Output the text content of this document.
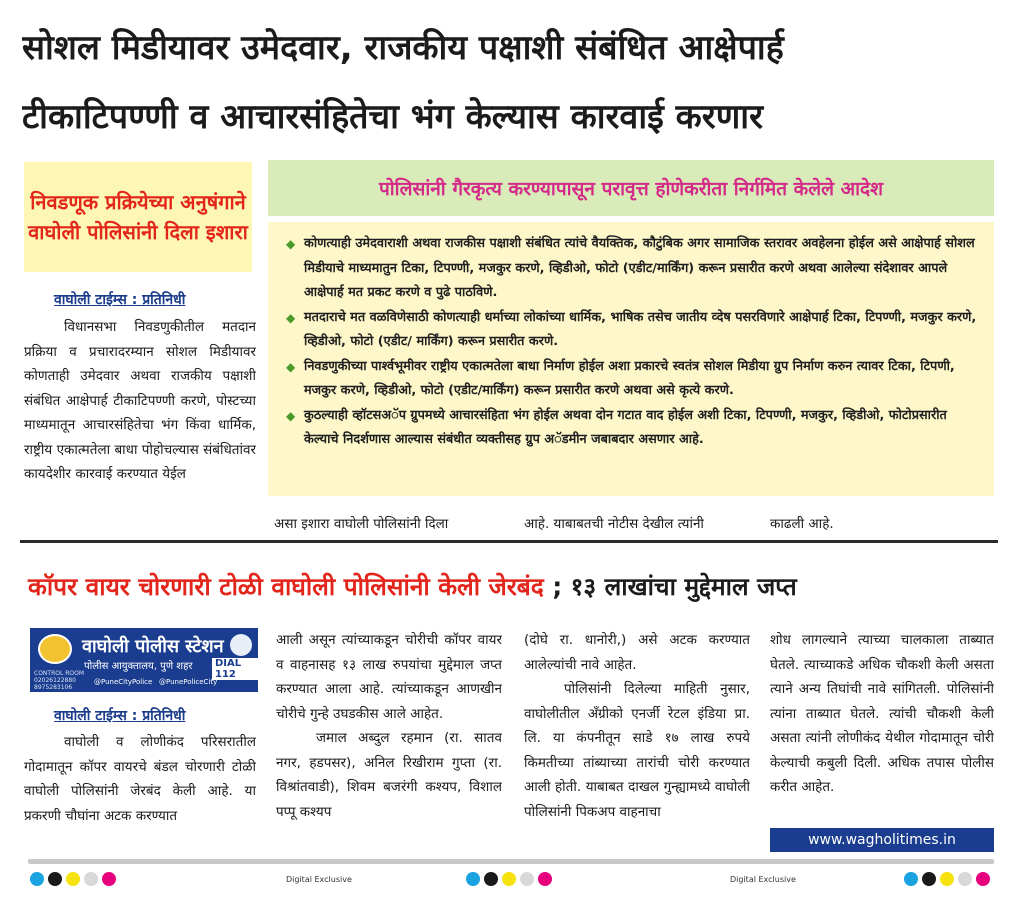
सोशल मिडीयावर उमेदवार, राजकीय पक्षाशी संबंधित आक्षेपार्ह
टीकाटिपण्णी व आचारसंहितेचा भंग केल्यास कारवाई करणार
निवडणूक प्रक्रियेच्या अनुषंगाने वाघोली पोलिसांनी दिला इशारा
वाघोली टाईम्स : प्रतिनिधी

विधानसभा निवडणुकीतील मतदान प्रक्रिया व प्रचारादरम्यान सोशल मिडीयावर कोणताही उमेदवार अथवा राजकीय पक्षाशी संबंधित आक्षेपार्ह टीकाटिपण्णी करणे, पोस्टच्या माध्यमातून आचारसंहितेचा भंग किंवा धार्मिक, राष्ट्रीय एकात्मतेला बाधा पोहोचल्यास संबंधितांवर कायदेशीर कारवाई करण्यात येईल

पोलिसांनी गैरकृत्य करण्यापासून परावृत्त होणेकरीता निर्गमित केलेले आदेश
◆ कोणत्याही उमेदवाराशी अथवा राजकीस पक्षाशी संबंधित त्यांचे वैयक्तिक, कौटुंबिक अगर सामाजिक स्तरावर अवहेलना होईल असे आक्षेपार्ह सोशल मिडीयाचे माध्यमातुन टिका, टिपण्णी, मजकुर करणे, व्हिडीओ, फोटो (एडीट/मार्किंग) करून प्रसारीत करणे अथवा आलेल्या संदेशावर आपले आक्षेपार्ह मत प्रकट करणे व पुढे पाठविणे.
◆ मतदाराचे मत वळविणेसाठी कोणत्याही धर्माच्या लोकांच्या धार्मिक, भाषिक तसेच जातीय व्देष पसरविणारे आक्षेपार्ह टिका, टिपण्णी, मजकुर करणे, व्हिडीओ, फोटो (एडीट/ मार्किंग) करून प्रसारीत करणे.
◆ निवडणुकीच्या पार्श्वभूमीवर राष्ट्रीय एकात्मतेला बाधा निर्माण होईल अशा प्रकारचे स्वतंत्र सोशल मिडीया ग्रुप निर्माण करुन त्यावर टिका, टिपणी, मजकुर करणे, व्हिडीओ, फोटो (एडीट/मार्किंग) करून प्रसारीत करणे अथवा असे कृत्ये करणे.
◆ कुठल्याही व्हॉटसअॅप ग्रुपमध्ये आचारसंहिता भंग होईल अथवा दोन गटात वाद होईल अशी टिका, टिपण्णी, मजकुर, व्हिडीओ, फोटोप्रसारीत केल्याचे निदर्शणास आल्यास संबंधीत व्यक्तीसह ग्रुप अॅडमीन जबाबदार असणार आहे.
असा इशारा वाघोली पोलिसांनी दिला	आहे. याबाबतची नोटीस देखील त्यांनी	काढली आहे.
कॉपर वायर चोरणारी टोळी वाघोली पोलिसांनी केली जेरबंद ; १३ लाखांचा मुद्देमाल जप्त
वाघोली पोलीस स्टेशन
पोलीस आयुक्तालय, पुणे शहर	DIAL 112
CONTROL ROOM
02026122880
8975283106
@PuneCityPolice @PunePoliceCity
वाघोली टाईम्स : प्रतिनिधी

वाघोली व लोणीकंद परिसरातील गोदामातून कॉपर वायरचे बंडल चोरणारी टोळी वाघोली पोलिसांनी जेरबंद केली आहे. या प्रकरणी चौघांना अटक करण्यात

आली असून त्यांच्याकडून चोरीची कॉपर वायर व वाहनासह १३ लाख रुपयांचा मुद्देमाल जप्त करण्यात आला आहे. त्यांच्याकडून आणखीन चोरीचे गुन्हे उघडकीस आले आहेत.

जमाल अब्दुल रहमान (रा. सातव नगर, हडपसर), अनिल रिखीराम गुप्ता (रा. विश्रांतवाडी), शिवम बजरंगी कश्यप, विशाल पप्पू कश्यप

(दोघे रा. धानोरी,) असे अटक करण्यात आलेल्यांची नावे आहेत.

पोलिसांनी दिलेल्या माहिती नुसार, वाघोलीतील अँग्रीको एनर्जी रेटल इंडिया प्रा. लि. या कंपनीतून साडे १७ लाख रुपये किमतीच्या तांब्याच्या तारांची चोरी करण्यात आली होती. याबाबत दाखल गुन्ह्यामध्ये वाघोली पोलिसांनी पिकअप वाहनाचा

शोध लागल्याने त्याच्या चालकाला ताब्यात घेतले. त्याच्याकडे अधिक चौकशी केली असता त्याने अन्य तिघांची नावे सांगितली. पोलिसांनी त्यांना ताब्यात घेतले. त्यांची चौकशी केली असता त्यांनी लोणीकंद येथील गोदामातून चोरी केल्याची कबुली दिली. अधिक तपास पोलीस करीत आहेत.

www.wagholitimes.in
Digital Exclusive	Digital Exclusive
